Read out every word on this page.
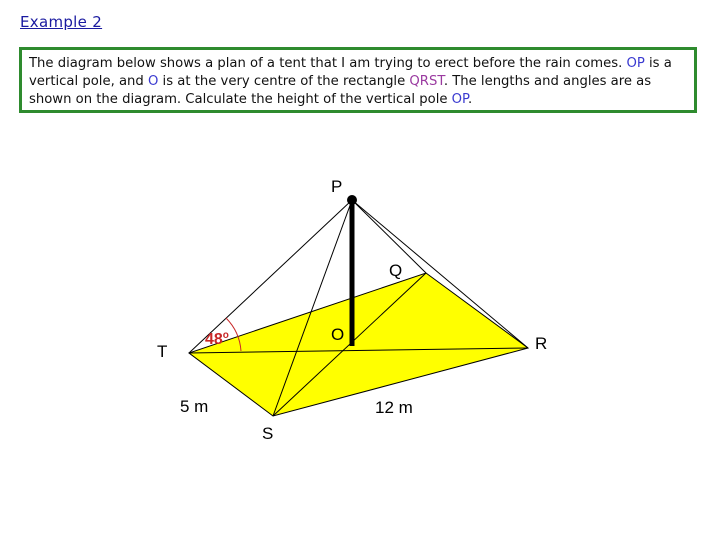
Example 2
The diagram below shows a plan of a tent that I am trying to erect before the rain comes. OP is a vertical pole, and O is at the very centre of the rectangle QRST. The lengths and angles are as shown on the diagram. Calculate the height of the vertical pole OP.
P
Q
O	R
T
S
5 m	12 m
48$^o$
